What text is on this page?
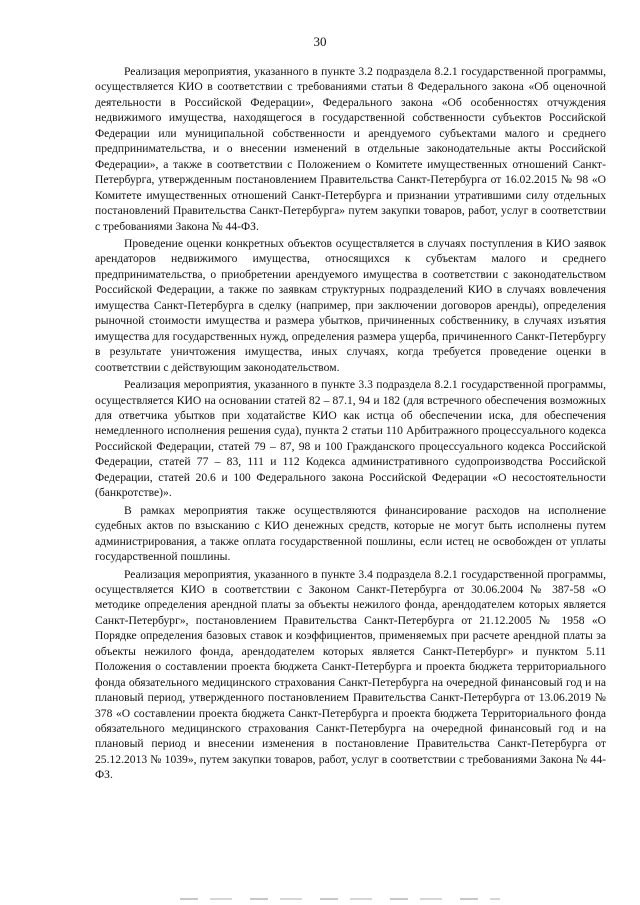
30

Реализация мероприятия, указанного в пункте 3.2 подраздела 8.2.1 государственной программы, осуществляется КИО в соответствии с требованиями статьи 8 Федерального закона «Об оценочной деятельности в Российской Федерации», Федерального закона «Об особенностях отчуждения недвижимого имущества, находящегося в государственной собственности субъектов Российской Федерации или муниципальной собственности и арендуемого субъектами малого и среднего предпринимательства, и о внесении изменений в отдельные законодательные акты Российской Федерации», а также в соответствии с Положением о Комитете имущественных отношений Санкт-Петербурга, утвержденным постановлением Правительства Санкт-Петербурга от 16.02.2015 № 98 «О Комитете имущественных отношений Санкт-Петербурга и признании утратившими силу отдельных постановлений Правительства Санкт-Петербурга» путем закупки товаров, работ, услуг в соответствии с требованиями Закона № 44-ФЗ.

Проведение оценки конкретных объектов осуществляется в случаях поступления в КИО заявок арендаторов недвижимого имущества, относящихся к субъектам малого и среднего предпринимательства, о приобретении арендуемого имущества в соответствии с законодательством Российской Федерации, а также по заявкам структурных подразделений КИО в случаях вовлечения имущества Санкт-Петербурга в сделку (например, при заключении договоров аренды), определения рыночной стоимости имущества и размера убытков, причиненных собственнику, в случаях изъятия имущества для государственных нужд, определения размера ущерба, причиненного Санкт-Петербургу в результате уничтожения имущества, иных случаях, когда требуется проведение оценки в соответствии с действующим законодательством.

Реализация мероприятия, указанного в пункте 3.3 подраздела 8.2.1 государственной программы, осуществляется КИО на основании статей 82 – 87.1, 94 и 182 (для встречного обеспечения возможных для ответчика убытков при ходатайстве КИО как истца об обеспечении иска, для обеспечения немедленного исполнения решения суда), пункта 2 статьи 110 Арбитражного процессуального кодекса Российской Федерации, статей 79 – 87, 98 и 100 Гражданского процессуального кодекса Российской Федерации, статей 77 – 83, 111 и 112 Кодекса административного судопроизводства Российской Федерации, статей 20.6 и 100 Федерального закона Российской Федерации «О несостоятельности (банкротстве)».

В рамках мероприятия также осуществляются финансирование расходов на исполнение судебных актов по взысканию с КИО денежных средств, которые не могут быть исполнены путем администрирования, а также оплата государственной пошлины, если истец не освобожден от уплаты государственной пошлины.

Реализация мероприятия, указанного в пункте 3.4 подраздела 8.2.1 государственной программы, осуществляется КИО в соответствии с Законом Санкт-Петербурга от 30.06.2004 № 387-58 «О методике определения арендной платы за объекты нежилого фонда, арендодателем которых является Санкт-Петербург», постановлением Правительства Санкт-Петербурга от 21.12.2005 № 1958 «О Порядке определения базовых ставок и коэффициентов, применяемых при расчете арендной платы за объекты нежилого фонда, арендодателем которых является Санкт-Петербург» и пунктом 5.11 Положения о составлении проекта бюджета Санкт-Петербурга и проекта бюджета территориального фонда обязательного медицинского страхования Санкт-Петербурга на очередной финансовый год и на плановый период, утвержденного постановлением Правительства Санкт-Петербурга от 13.06.2019 № 378 «О составлении проекта бюджета Санкт-Петербурга и проекта бюджета Территориального фонда обязательного медицинского страхования Санкт-Петербурга на очередной финансовый год и на плановый период и внесении изменения в постановление Правительства Санкт-Петербурга от 25.12.2013 № 1039», путем закупки товаров, работ, услуг в соответствии с требованиями Закона № 44-ФЗ.
